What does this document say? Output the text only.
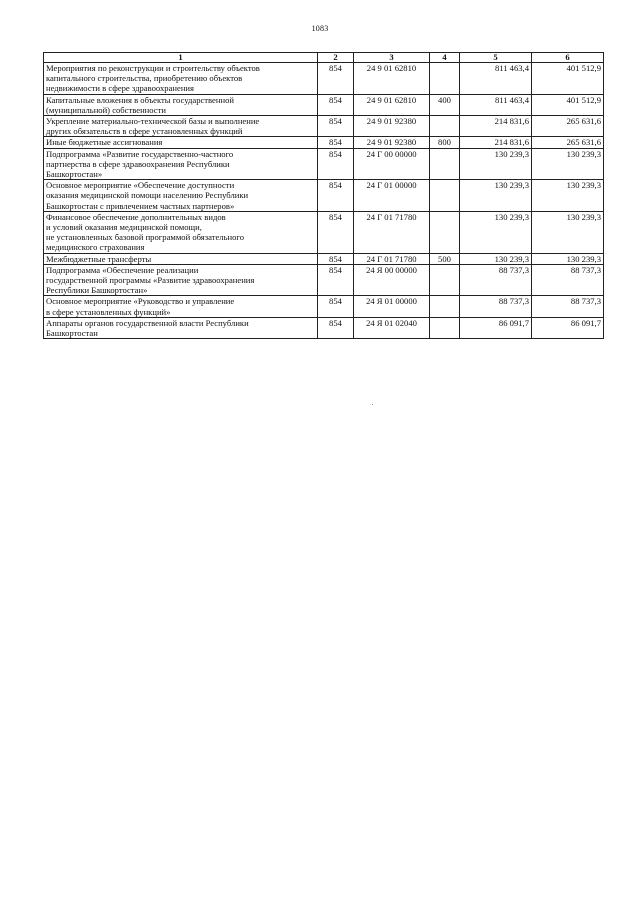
1083
1	2	3	4	5	6
Мероприятия по реконструкции и строительству объектов
капитального строительства, приобретению объектов
недвижимости в сфере здравоохранения	854	24 9 01 62810		811 463,4	401 512,9
Капитальные вложения в объекты государственной
(муниципальной) собственности	854	24 9 01 62810	400	811 463,4	401 512,9
Укрепление материально-технической базы и выполнение
других обязательств в сфере установленных функций	854	24 9 01 92380		214 831,6	265 631,6
Иные бюджетные ассигнования	854	24 9 01 92380	800	214 831,6	265 631,6
Подпрограмма «Развитие государственно-частного
партнерства в сфере здравоохранения Республики
Башкортостан»	854	24 Г 00 00000		130 239,3	130 239,3
Основное мероприятие «Обеспечение доступности
оказания медицинской помощи населению Республики
Башкортостан с привлечением частных партнеров»	854	24 Г 01 00000		130 239,3	130 239,3
Финансовое обеспечение дополнительных видов
и условий оказания медицинской помощи,
не установленных базовой программой обязательного
медицинского страхования	854	24 Г 01 71780		130 239,3	130 239,3
Межбюджетные трансферты	854	24 Г 01 71780	500	130 239,3	130 239,3
Подпрограмма «Обеспечение реализации
государственной программы «Развитие здравоохранения
Республики Башкортостан»	854	24 Я 00 00000		88 737,3	88 737,3
Основное мероприятие «Руководство и управление
в сфере установленных функций»	854	24 Я 01 00000		88 737,3	88 737,3
Аппараты органов государственной власти Республики
Башкортостан	854	24 Я 01 02040		86 091,7	86 091,7
